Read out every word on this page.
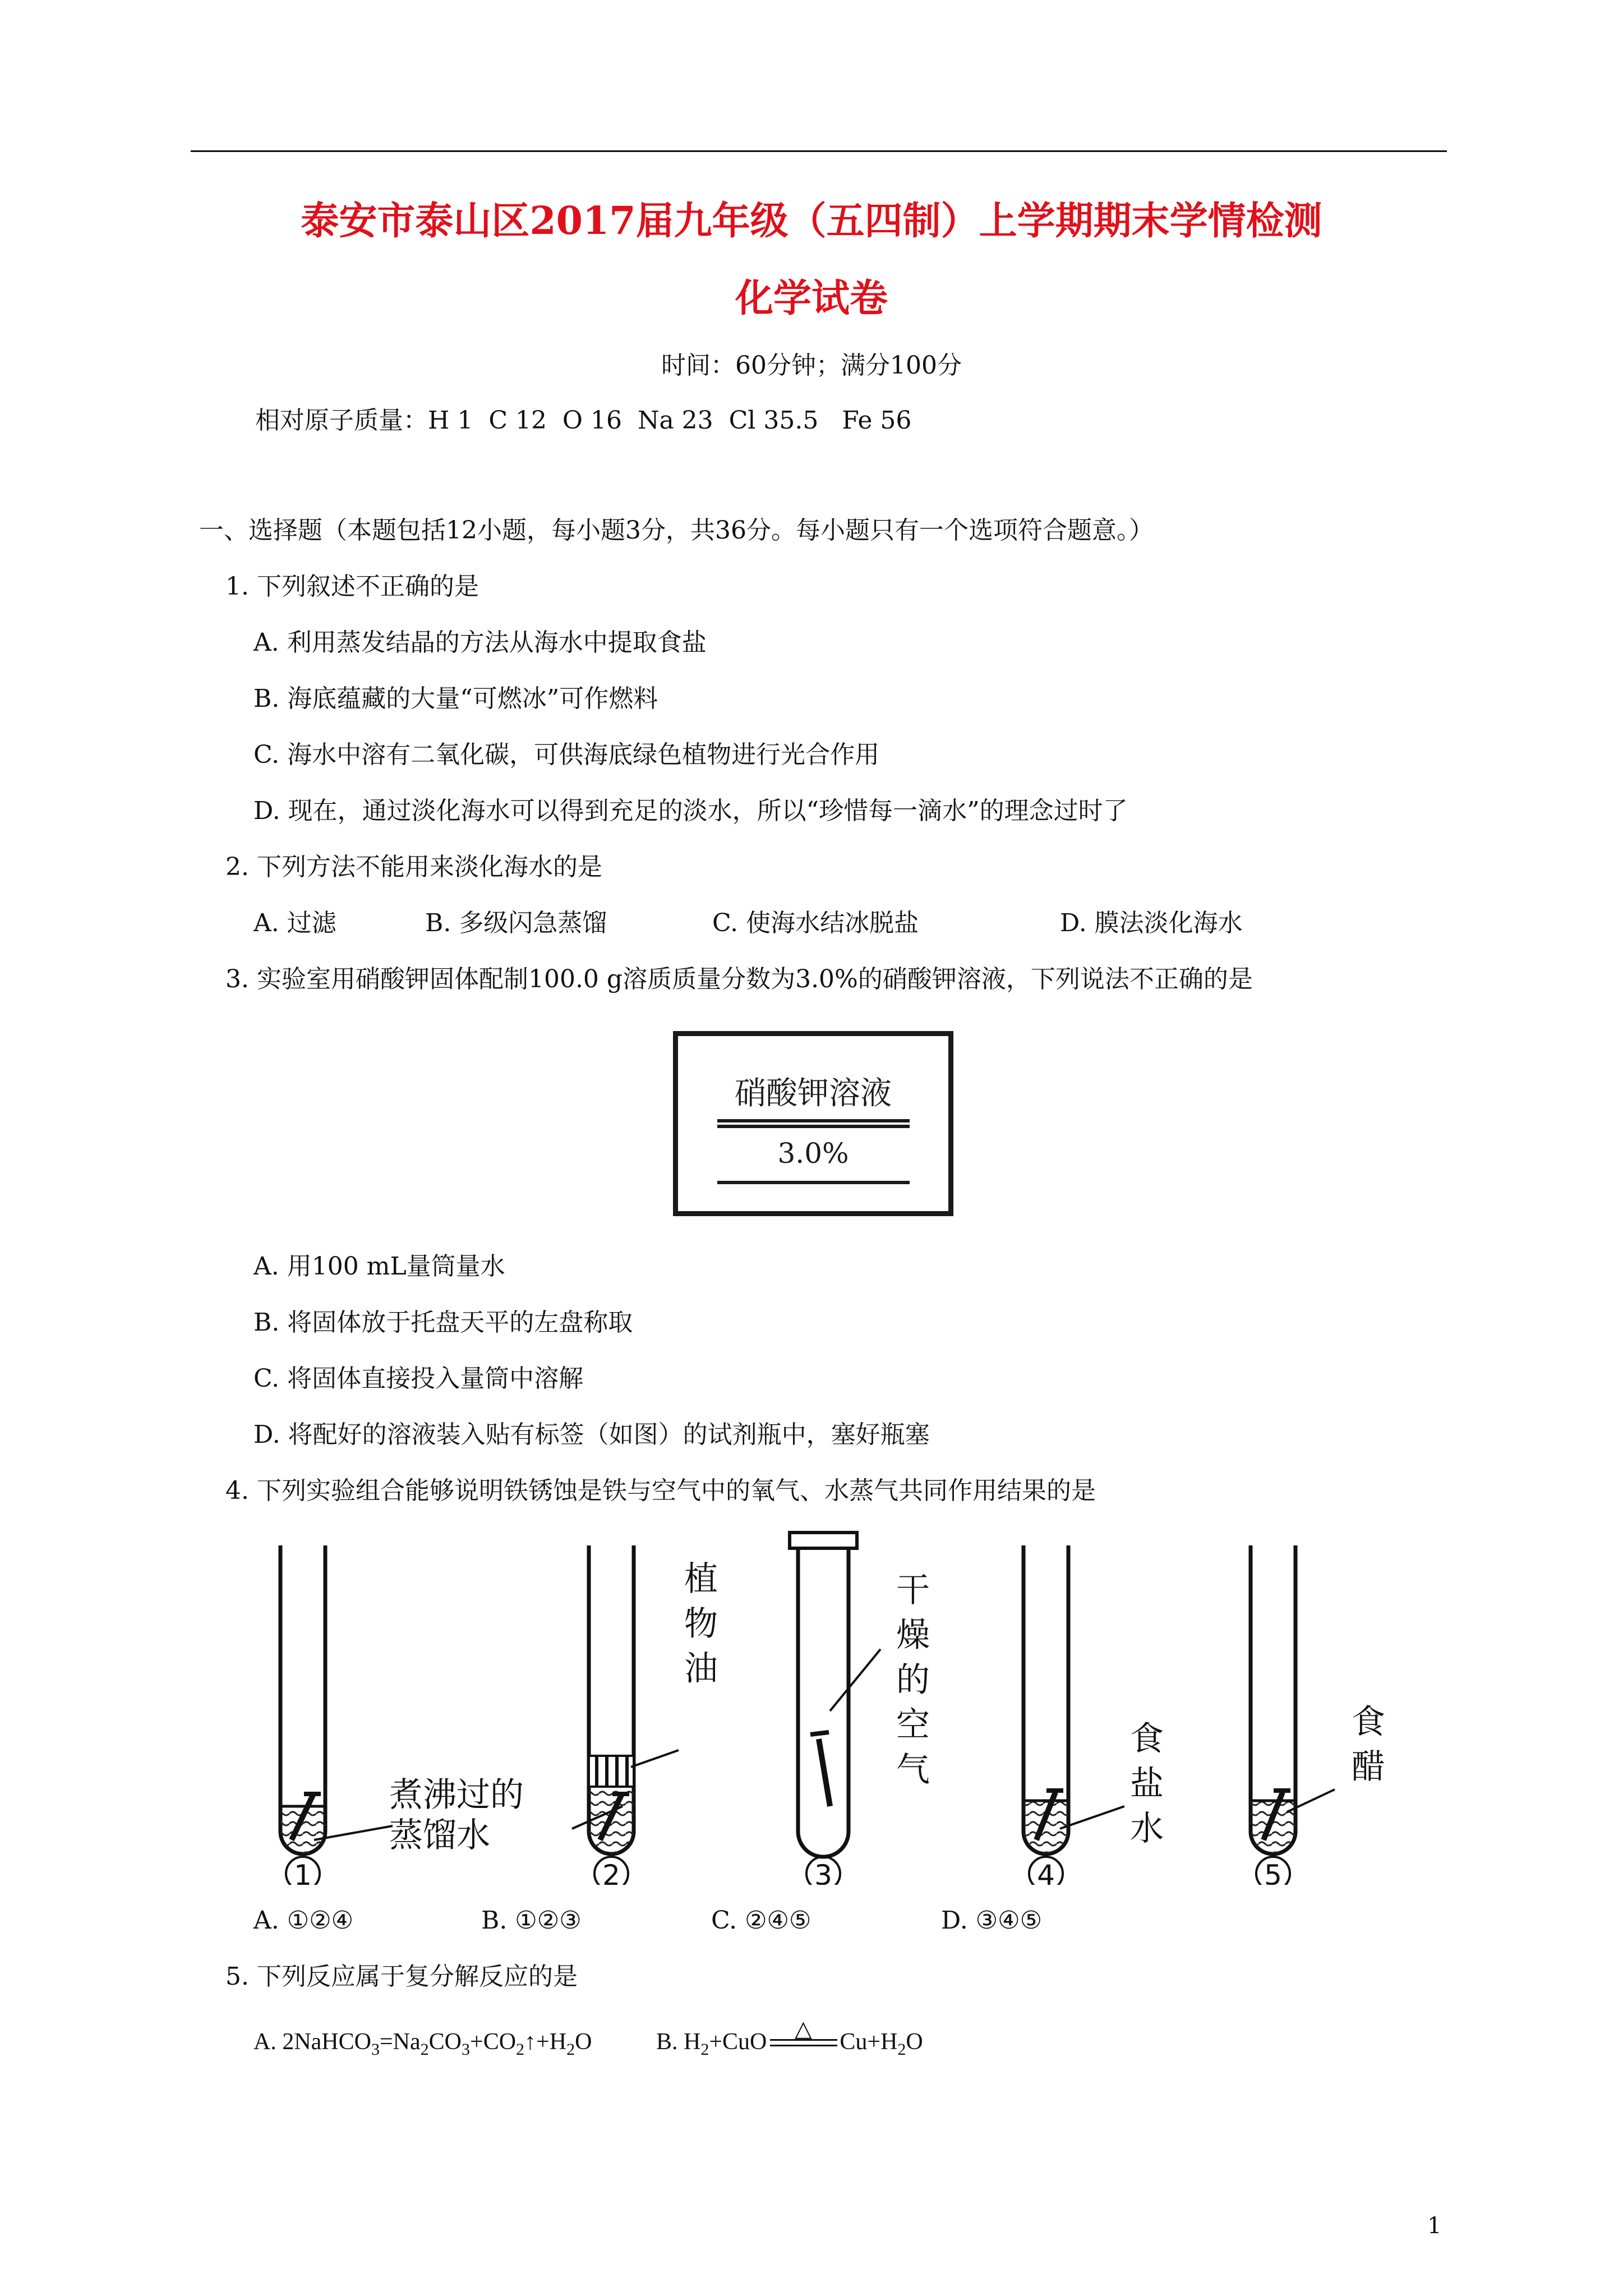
泰安市泰山区2017届九年级（五四制）上学期期末学情检测
化学试卷
时间：60分钟；满分100分
相对原子质量：H 1  C 12  O 16  Na 23  Cl 35.5   Fe 56
一、选择题（本题包括12小题，每小题3分，共36分。每小题只有一个选项符合题意。）
1. 下列叙述不正确的是
A. 利用蒸发结晶的方法从海水中提取食盐
B. 海底蕴藏的大量“可燃冰”可作燃料
C. 海水中溶有二氧化碳，可供海底绿色植物进行光合作用
D. 现在，通过淡化海水可以得到充足的淡水，所以“珍惜每一滴水”的理念过时了
2. 下列方法不能用来淡化海水的是
A. 过滤	B. 多级闪急蒸馏	C. 使海水结冰脱盐	D. 膜法淡化海水
3. 实验室用硝酸钾固体配制100.0 g溶质质量分数为3.0%的硝酸钾溶液，下列说法不正确的是
硝酸钾溶液
3.0%
A. 用100 mL量筒量水
B. 将固体放于托盘天平的左盘称取
C. 将固体直接投入量筒中溶解
D. 将配好的溶液装入贴有标签（如图）的试剂瓶中，塞好瓶塞
4. 下列实验组合能够说明铁锈蚀是铁与空气中的氧气、水蒸气共同作用结果的是
煮沸过的
蒸馏水
1
植
物
油
2
干
燥
的
空
气
3
食
盐
水
4
食
醋
5
A. ①②④	B. ①②③	C. ②④⑤	D. ③④⑤
5. 下列反应属于复分解反应的是
A. $2NaHCO_3=Na_2CO_3+CO_2↑+H_2O$	B. $H_2+CuO$
△
$Cu+H_2O$
1
